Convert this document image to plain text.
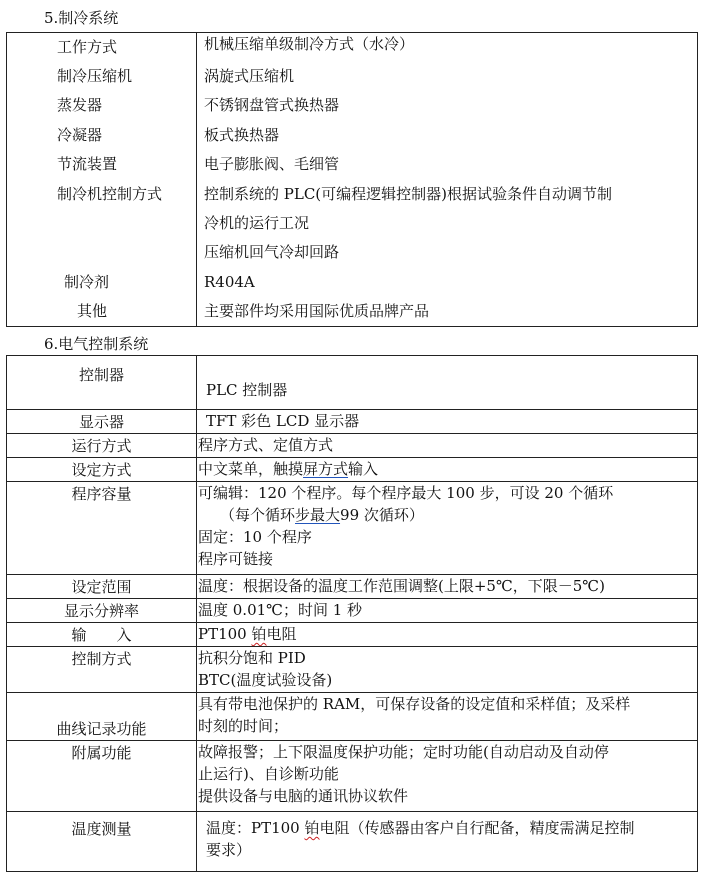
5.制冷系统
工作方式	机械压缩单级制冷方式（水冷）
制冷压缩机	涡旋式压缩机
蒸发器	不锈钢盘管式换热器
冷凝器	板式换热器
节流装置	电子膨胀阀、毛细管
制冷机控制方式	控制系统的 PLC(可编程逻辑控制器)根据试验条件自动调节制
	冷机的运行工况
	压缩机回气冷却回路
制冷剂	R404A
其他	主要部件均采用国际优质品牌产品
6.电气控制系统
控制器	PLC 控制器
显示器	TFT 彩色 LCD 显示器
运行方式	程序方式、定值方式
设定方式	中文菜单，触摸屏方式输入
程序容量	可编辑：120 个程序。每个程序最大 100 步，可设 20 个循环
（每个循环步最大99 次循环）
固定：10 个程序
程序可链接

设定范围	温度：根据设备的温度工作范围调整(上限+5℃，下限－5℃)
显示分辨率	温度 0.01℃；时间 1 秒
输　　入	PT100 铂电阻
控制方式	抗积分饱和 PID
BTC(温度试验设备)

曲线记录功能	具有带电池保护的 RAM，可保存设备的设定值和采样值；及采样
时刻的时间；

附属功能	故障报警；上下限温度保护功能；定时功能(自动启动及自动停
止运行)、自诊断功能
提供设备与电脑的通讯协议软件

温度测量	温度：PT100 铂电阻（传感器由客户自行配备，精度需满足控制
要求）
